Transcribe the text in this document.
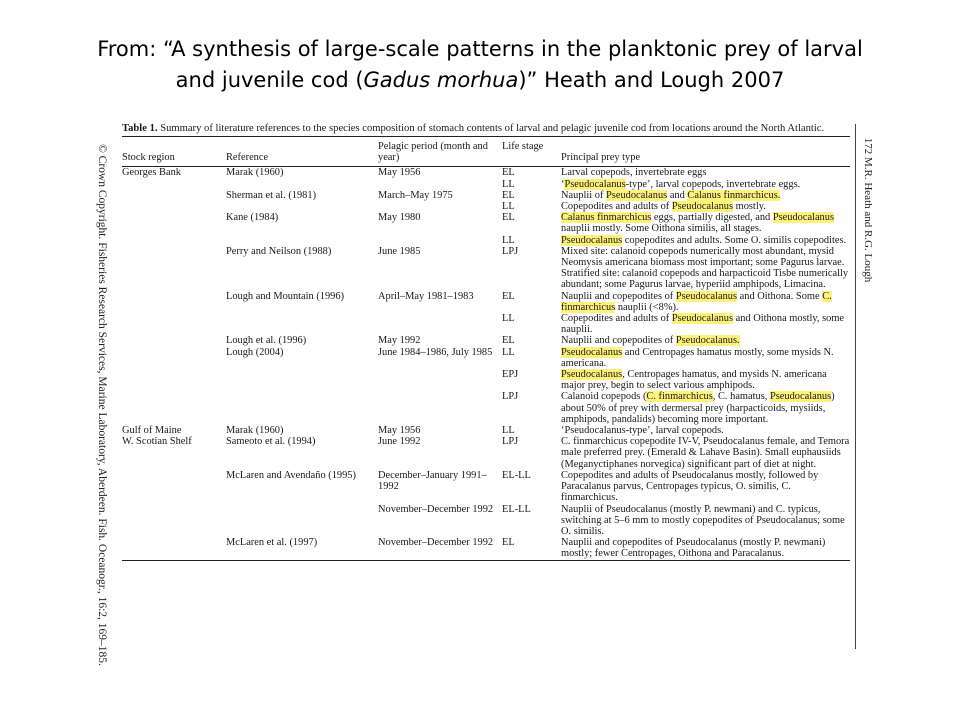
From: “A synthesis of large-scale patterns in the planktonic prey of larval
and juvenile cod (Gadus morhua)” Heath and Lough 2007
© Crown Copyright. Fisheries Research Services, Marine Laboratory, Aberdeen. Fish. Oceanogr., 16:2, 169–185.	172 M.R. Heath and R.G. Lough
Table 1. Summary of literature references to the species composition of stomach contents of larval and pelagic juvenile cod from locations around the North Atlantic.
Stock region	Reference	Pelagic period (month and year)	Life stage	Principal prey type

Georges Bank	Marak (1960)	May 1956	EL	Larval copepods, invertebrate eggs
			LL	‘Pseudocalanus-type’, larval copepods, invertebrate eggs.
	Sherman et al. (1981)	March–May 1975	EL	Nauplii of Pseudocalanus and Calanus finmarchicus.
			LL	Copepodites and adults of Pseudocalanus mostly.
	Kane (1984)	May 1980	EL	Calanus finmarchicus eggs, partially digested, and Pseudocalanus nauplii mostly. Some Oithona similis, all stages.
			LL	Pseudocalanus copepodites and adults. Some O. similis copepodites.
	Perry and Neilson (1988)	June 1985	LPJ	Mixed site: calanoid copepods numerically most abundant, mysid Neomysis americana biomass most important; some Pagurus larvae. Stratified site: calanoid copepods and harpacticoid Tisbe numerically abundant; some Pagurus larvae, hyperiid amphipods, Limacina.
	Lough and Mountain (1996)	April–May 1981–1983	EL	Nauplii and copepodites of Pseudocalanus and Oithona. Some C. finmarchicus nauplii (<8%).
			LL	Copepodites and adults of Pseudocalanus and Oithona mostly, some nauplii.
	Lough et al. (1996)	May 1992	EL	Nauplii and copepodites of Pseudocalanus.
	Lough (2004)	June 1984–1986, July 1985	LL	Pseudocalanus and Centropages hamatus mostly, some mysids N. americana.
			EPJ	Pseudocalanus, Centropages hamatus, and mysids N. americana major prey, begin to select various amphipods.
			LPJ	Calanoid copepods (C. finmarchicus, C. hamatus, Pseudocalanus) about 50% of prey with dermersal prey (harpacticoids, mysiids, amphipods, pandalids) becoming more important.
Gulf of Maine	Marak (1960)	May 1956	LL	‘Pseudocalanus-type’, larval copepods.
W. Scotian Shelf	Sameoto et al. (1994)	June 1992	LPJ	C. finmarchicus copepodite IV-V, Pseudocalanus female, and Temora male preferred prey. (Emerald & Lahave Basin). Small euphausiids (Meganyctiphanes norvegica) significant part of diet at night.
	McLaren and Avendaño (1995)	December–January 1991–1992	EL-LL	Copepodites and adults of Pseudocalanus mostly, followed by Paracalanus parvus, Centropages typicus, O. similis, C. finmarchicus.
		November–December 1992	EL-LL	Nauplii of Pseudocalanus (mostly P. newmani) and C. typicus, switching at 5–6 mm to mostly copepodites of Pseudocalanus; some O. similis.
	McLaren et al. (1997)	November–December 1992	EL	Nauplii and copepodites of Pseudocalanus (mostly P. newmani) mostly; fewer Centropages, Oithona and Paracalanus.
